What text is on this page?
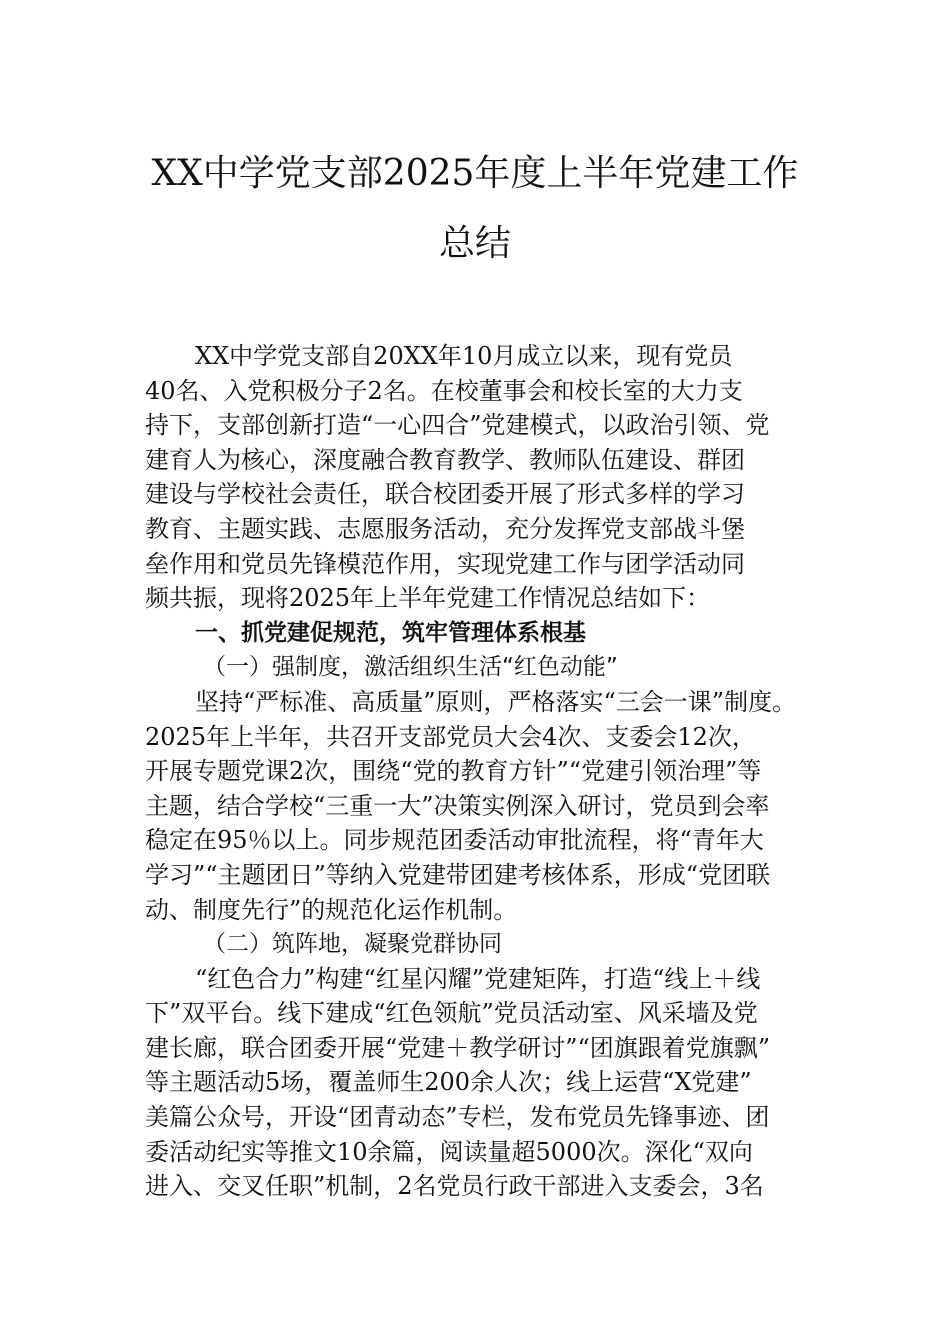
XX中学党支部2025年度上半年党建工作
总结
XX中学党支部自20XX年10月成立以来，现有党员
40名、入党积极分子2名。在校董事会和校长室的大力支
持下，支部创新打造“一心四合”党建模式，以政治引领、党
建育人为核心，深度融合教育教学、教师队伍建设、群团
建设与学校社会责任，联合校团委开展了形式多样的学习
教育、主题实践、志愿服务活动，充分发挥党支部战斗堡
垒作用和党员先锋模范作用，实现党建工作与团学活动同
频共振，现将2025年上半年党建工作情况总结如下：
一、抓党建促规范，筑牢管理体系根基
（一）强制度，激活组织生活“红色动能”
坚持“严标准、高质量”原则，严格落实“三会一课”制度。
2025年上半年，共召开支部党员大会4次、支委会12次，
开展专题党课2次，围绕“党的教育方针”“党建引领治理”等
主题，结合学校“三重一大”决策实例深入研讨，党员到会率
稳定在95％以上。同步规范团委活动审批流程，将“青年大
学习”“主题团日”等纳入党建带团建考核体系，形成“党团联
动、制度先行”的规范化运作机制。
（二）筑阵地，凝聚党群协同
“红色合力”构建“红星闪耀”党建矩阵，打造“线上＋线
下”双平台。线下建成“红色领航”党员活动室、风采墙及党
建长廊，联合团委开展“党建＋教学研讨”“团旗跟着党旗飘”
等主题活动5场，覆盖师生200余人次；线上运营“X党建”
美篇公众号，开设“团青动态”专栏，发布党员先锋事迹、团
委活动纪实等推文10余篇，阅读量超5000次。深化“双向
进入、交叉任职”机制，2名党员行政干部进入支委会，3名
